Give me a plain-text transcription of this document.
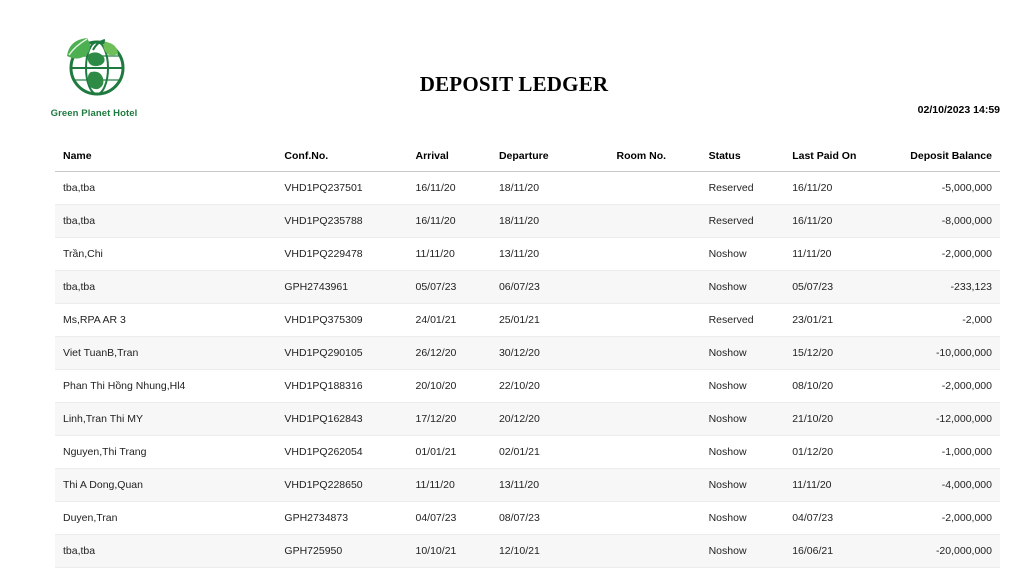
Green Planet Hotel
DEPOSIT LEDGER
02/10/2023 14:59
Name	Conf.No.	Arrival	Departure	Room No.	Status	Last Paid On	Deposit Balance
tba,tba	VHD1PQ237501	16/11/20	18/11/20		Reserved	16/11/20	-5,000,000
tba,tba	VHD1PQ235788	16/11/20	18/11/20		Reserved	16/11/20	-8,000,000
Trần,Chi	VHD1PQ229478	11/11/20	13/11/20		Noshow	11/11/20	-2,000,000
tba,tba	GPH2743961	05/07/23	06/07/23		Noshow	05/07/23	-233,123
Ms,RPA AR 3	VHD1PQ375309	24/01/21	25/01/21		Reserved	23/01/21	-2,000
Viet TuanB,Tran	VHD1PQ290105	26/12/20	30/12/20		Noshow	15/12/20	-10,000,000
Phan Thi Hồng Nhung,Hl4	VHD1PQ188316	20/10/20	22/10/20		Noshow	08/10/20	-2,000,000
Linh,Tran Thi MY	VHD1PQ162843	17/12/20	20/12/20		Noshow	21/10/20	-12,000,000
Nguyen,Thi Trang	VHD1PQ262054	01/01/21	02/01/21		Noshow	01/12/20	-1,000,000
Thi A Dong,Quan	VHD1PQ228650	11/11/20	13/11/20		Noshow	11/11/20	-4,000,000
Duyen,Tran	GPH2734873	04/07/23	08/07/23		Noshow	04/07/23	-2,000,000
tba,tba	GPH725950	10/10/21	12/10/21		Noshow	16/06/21	-20,000,000
